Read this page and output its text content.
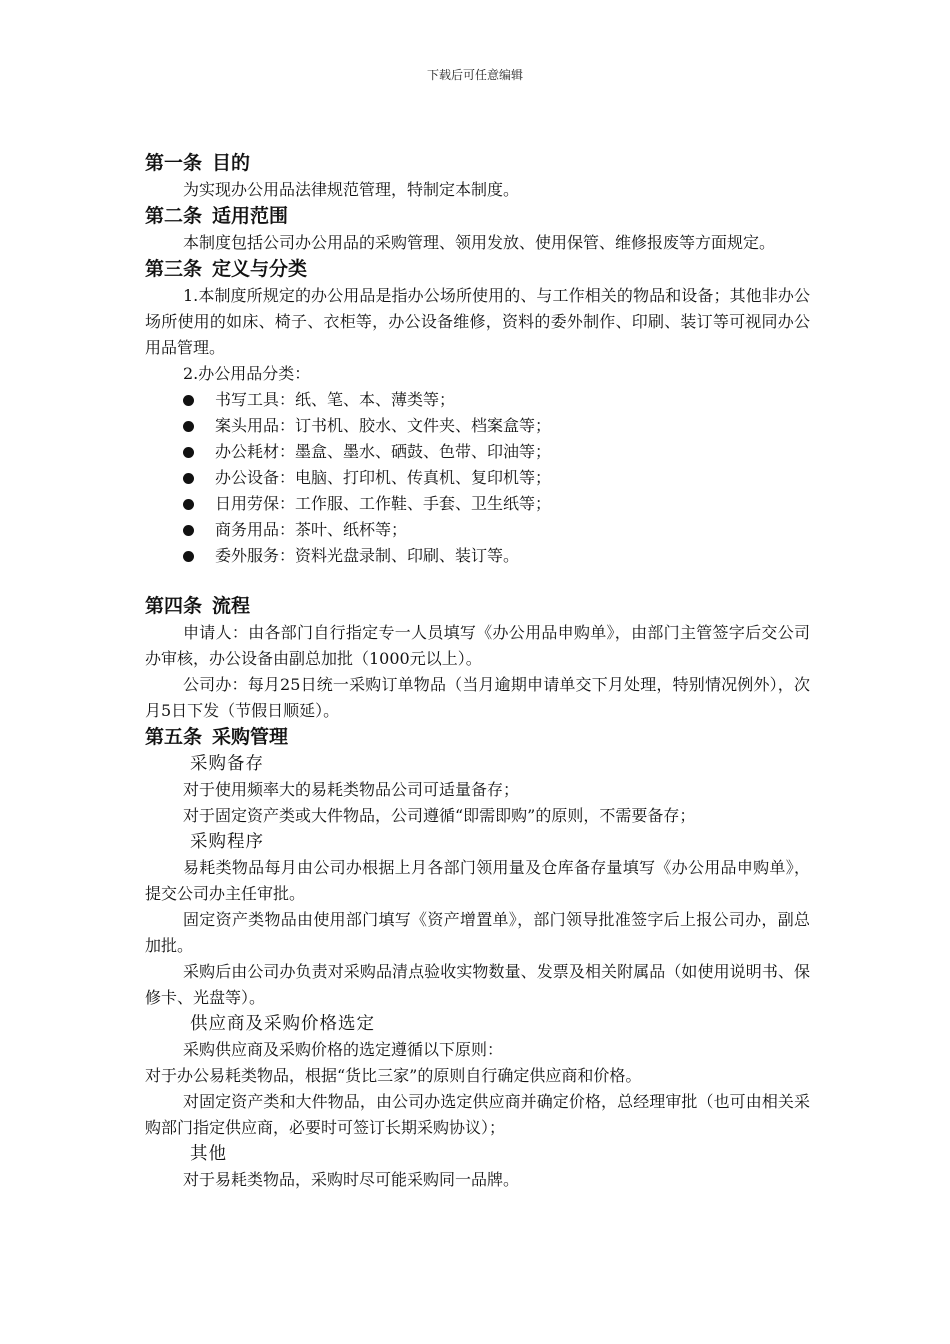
下载后可任意编辑
第一条 目的

为实现办公用品法律规范管理，特制定本制度。

第二条 适用范围

本制度包括公司办公用品的采购管理、领用发放、使用保管、维修报废等方面规定。

第三条 定义与分类

1.本制度所规定的办公用品是指办公场所使用的、与工作相关的物品和设备；其他非办公场所使用的如床、椅子、衣柜等，办公设备维修，资料的委外制作、印刷、装订等可视同办公用品管理。

2.办公用品分类：

书写工具：纸、笔、本、薄类等；
案头用品：订书机、胶水、文件夹、档案盒等；
办公耗材：墨盒、墨水、硒鼓、色带、印油等；
办公设备：电脑、打印机、传真机、复印机等；
日用劳保：工作服、工作鞋、手套、卫生纸等；
商务用品：茶叶、纸杯等；
委外服务：资料光盘录制、印刷、装订等。
第四条 流程

申请人：由各部门自行指定专一人员填写《办公用品申购单》，由部门主管签字后交公司办审核，办公设备由副总加批（1000元以上）。

公司办：每月25日统一采购订单物品（当月逾期申请单交下月处理，特别情况例外），次月5日下发（节假日顺延）。

第五条 采购管理
采购备存

对于使用频率大的易耗类物品公司可适量备存；

对于固定资产类或大件物品，公司遵循“即需即购”的原则，不需要备存；

采购程序

易耗类物品每月由公司办根据上月各部门领用量及仓库备存量填写《办公用品申购单》，提交公司办主任审批。

固定资产类物品由使用部门填写《资产增置单》，部门领导批准签字后上报公司办，副总加批。

采购后由公司办负责对采购品清点验收实物数量、发票及相关附属品（如使用说明书、保修卡、光盘等）。

供应商及采购价格选定

采购供应商及采购价格的选定遵循以下原则：

对于办公易耗类物品，根据“货比三家”的原则自行确定供应商和价格。

对固定资产类和大件物品，由公司办选定供应商并确定价格，总经理审批（也可由相关采购部门指定供应商，必要时可签订长期采购协议）；

其他

对于易耗类物品，采购时尽可能采购同一品牌。
